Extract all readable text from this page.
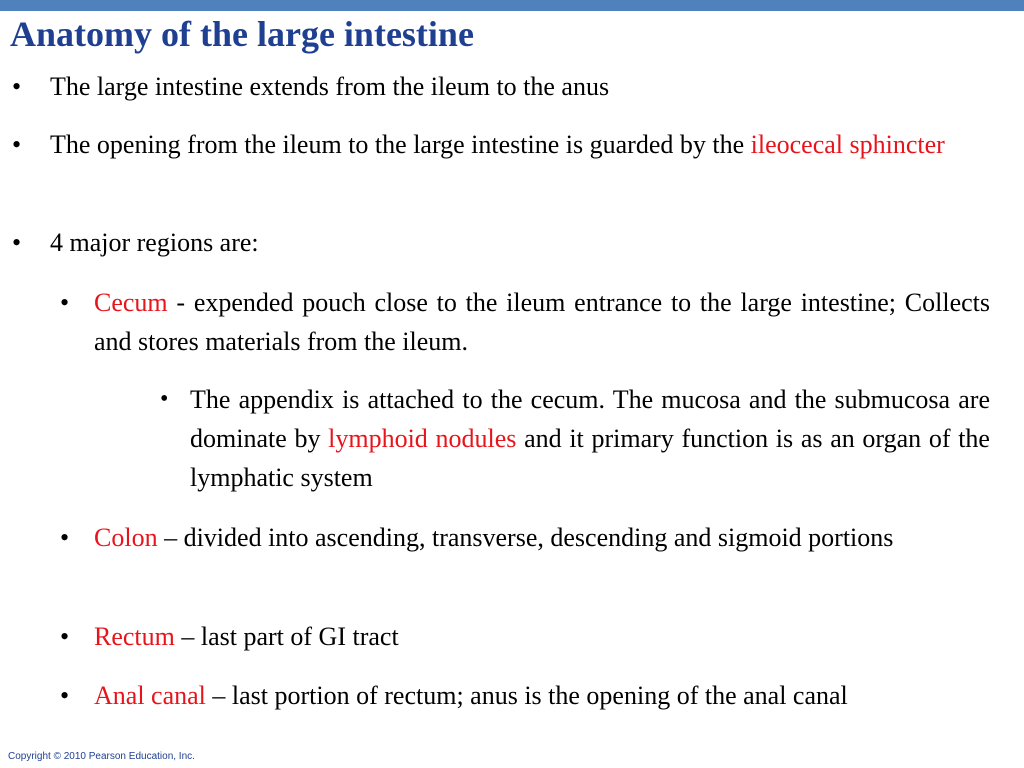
Anatomy of the large intestine
•	The large intestine extends from the ileum to the anus
•	The opening from the ileum to the large intestine is guarded by the ileocecal sphincter
•	4 major regions are:
• Cecum - expended pouch close to the ileum entrance to the large intestine; Collects and stores materials from the ileum.
• The appendix is attached to the cecum. The mucosa and the submucosa are dominate by lymphoid nodules and it primary function is as an organ of the lymphatic system
• Colon – divided into ascending, transverse, descending and sigmoid portions
• Rectum – last part of GI tract
• Anal canal – last portion of rectum; anus is the opening of the anal canal
Copyright © 2010 Pearson Education, Inc.
